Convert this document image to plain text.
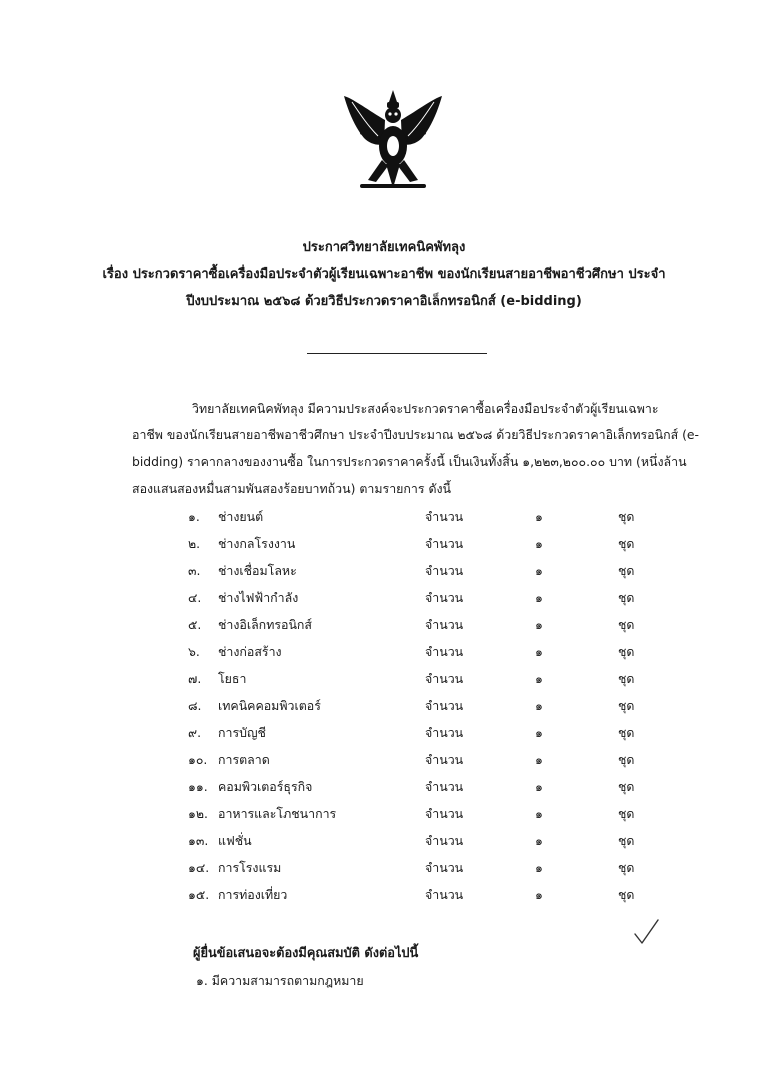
ประกาศวิทยาลัยเทคนิคพัทลุง
เรื่อง ประกวดราคาซื้อเครื่องมือประจำตัวผู้เรียนเฉพาะอาชีพ ของนักเรียนสายอาชีพอาชีวศึกษา ประจำ
ปีงบประมาณ ๒๕๖๘ ด้วยวิธีประกวดราคาอิเล็กทรอนิกส์ (e-bidding)
วิทยาลัยเทคนิคพัทลุง มีความประสงค์จะประกวดราคาซื้อเครื่องมือประจำตัวผู้เรียนเฉพาะ
อาชีพ ของนักเรียนสายอาชีพอาชีวศึกษา ประจำปีงบประมาณ ๒๕๖๘ ด้วยวิธีประกวดราคาอิเล็กทรอนิกส์ (e-
bidding) ราคากลางของงานซื้อ ในการประกวดราคาครั้งนี้ เป็นเงินทั้งสิ้น ๑,๒๒๓,๒๐๐.๐๐ บาท (หนึ่งล้าน
สองแสนสองหมื่นสามพันสองร้อยบาทถ้วน) ตามรายการ ดังนี้
๑. ช่างยนต์	จำนวน	๑	ชุด
๒. ช่างกลโรงงาน	จำนวน	๑	ชุด
๓. ช่างเชื่อมโลหะ	จำนวน	๑	ชุด
๔. ช่างไฟฟ้ากำลัง	จำนวน	๑	ชุด
๕. ช่างอิเล็กทรอนิกส์	จำนวน	๑	ชุด
๖. ช่างก่อสร้าง	จำนวน	๑	ชุด
๗. โยธา	จำนวน	๑	ชุด
๘. เทคนิคคอมพิวเตอร์	จำนวน	๑	ชุด
๙. การบัญชี	จำนวน	๑	ชุด
๑๐. การตลาด	จำนวน	๑	ชุด
๑๑. คอมพิวเตอร์ธุรกิจ	จำนวน	๑	ชุด
๑๒. อาหารและโภชนาการ	จำนวน	๑	ชุด
๑๓. แฟชั่น	จำนวน	๑	ชุด
๑๔. การโรงแรม	จำนวน	๑	ชุด
๑๕. การท่องเที่ยว	จำนวน	๑	ชุด
ผู้ยื่นข้อเสนอจะต้องมีคุณสมบัติ ดังต่อไปนี้
๑. มีความสามารถตามกฎหมาย
